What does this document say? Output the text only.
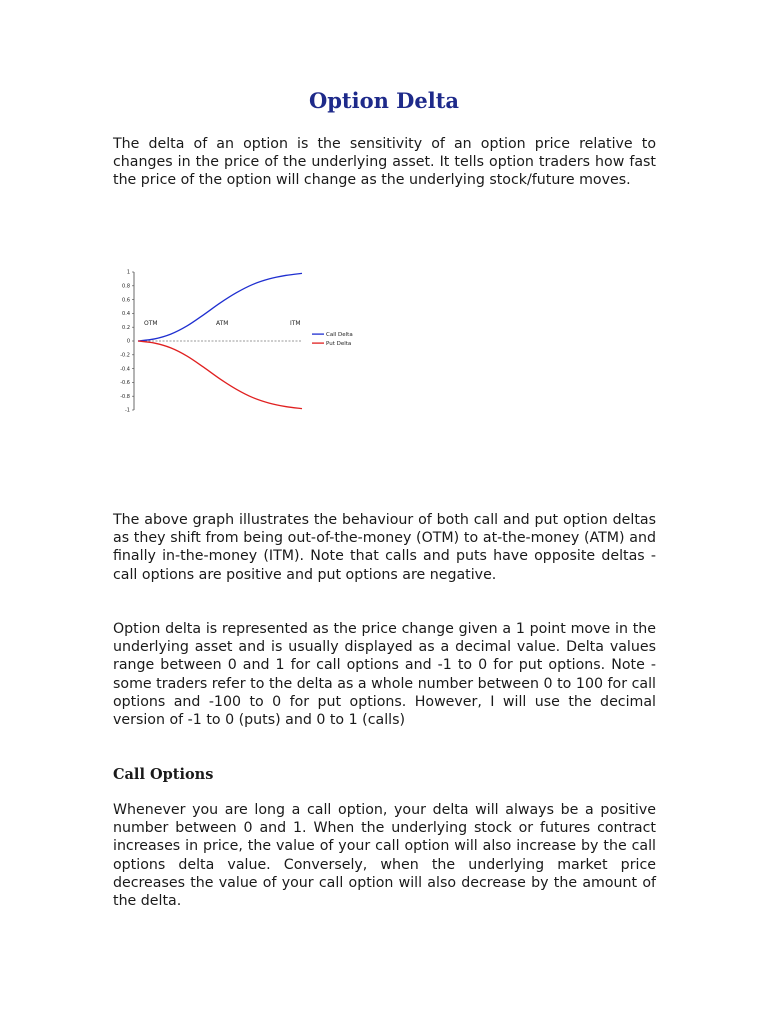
Option Delta

The delta of an option is the sensitivity of an option price relative to changes in the price of the underlying asset. It tells option traders how fast the price of the option will change as the underlying stock/future moves.

1
0.8
0.6
0.4
0.2
0
-0.2
-0.4
-0.6
-0.8
-1
OTM	ATM	ITM
Call Delta
Put Delta

The above graph illustrates the behaviour of both call and put option deltas as they shift from being out-of-the-money (OTM) to at-the-money (ATM) and finally in-the-money (ITM). Note that calls and puts have opposite deltas - call options are positive and put options are negative.

Option delta is represented as the price change given a 1 point move in the underlying asset and is usually displayed as a decimal value. Delta values range between 0 and 1 for call options and -1 to 0 for put options. Note - some traders refer to the delta as a whole number between 0 to 100 for call options and -100 to 0 for put options. However, I will use the decimal version of -1 to 0 (puts) and 0 to 1 (calls)

Call Options

Whenever you are long a call option, your delta will always be a positive number between 0 and 1. When the underlying stock or futures contract increases in price, the value of your call option will also increase by the call options delta value. Conversely, when the underlying market price decreases the value of your call option will also decrease by the amount of the delta.
